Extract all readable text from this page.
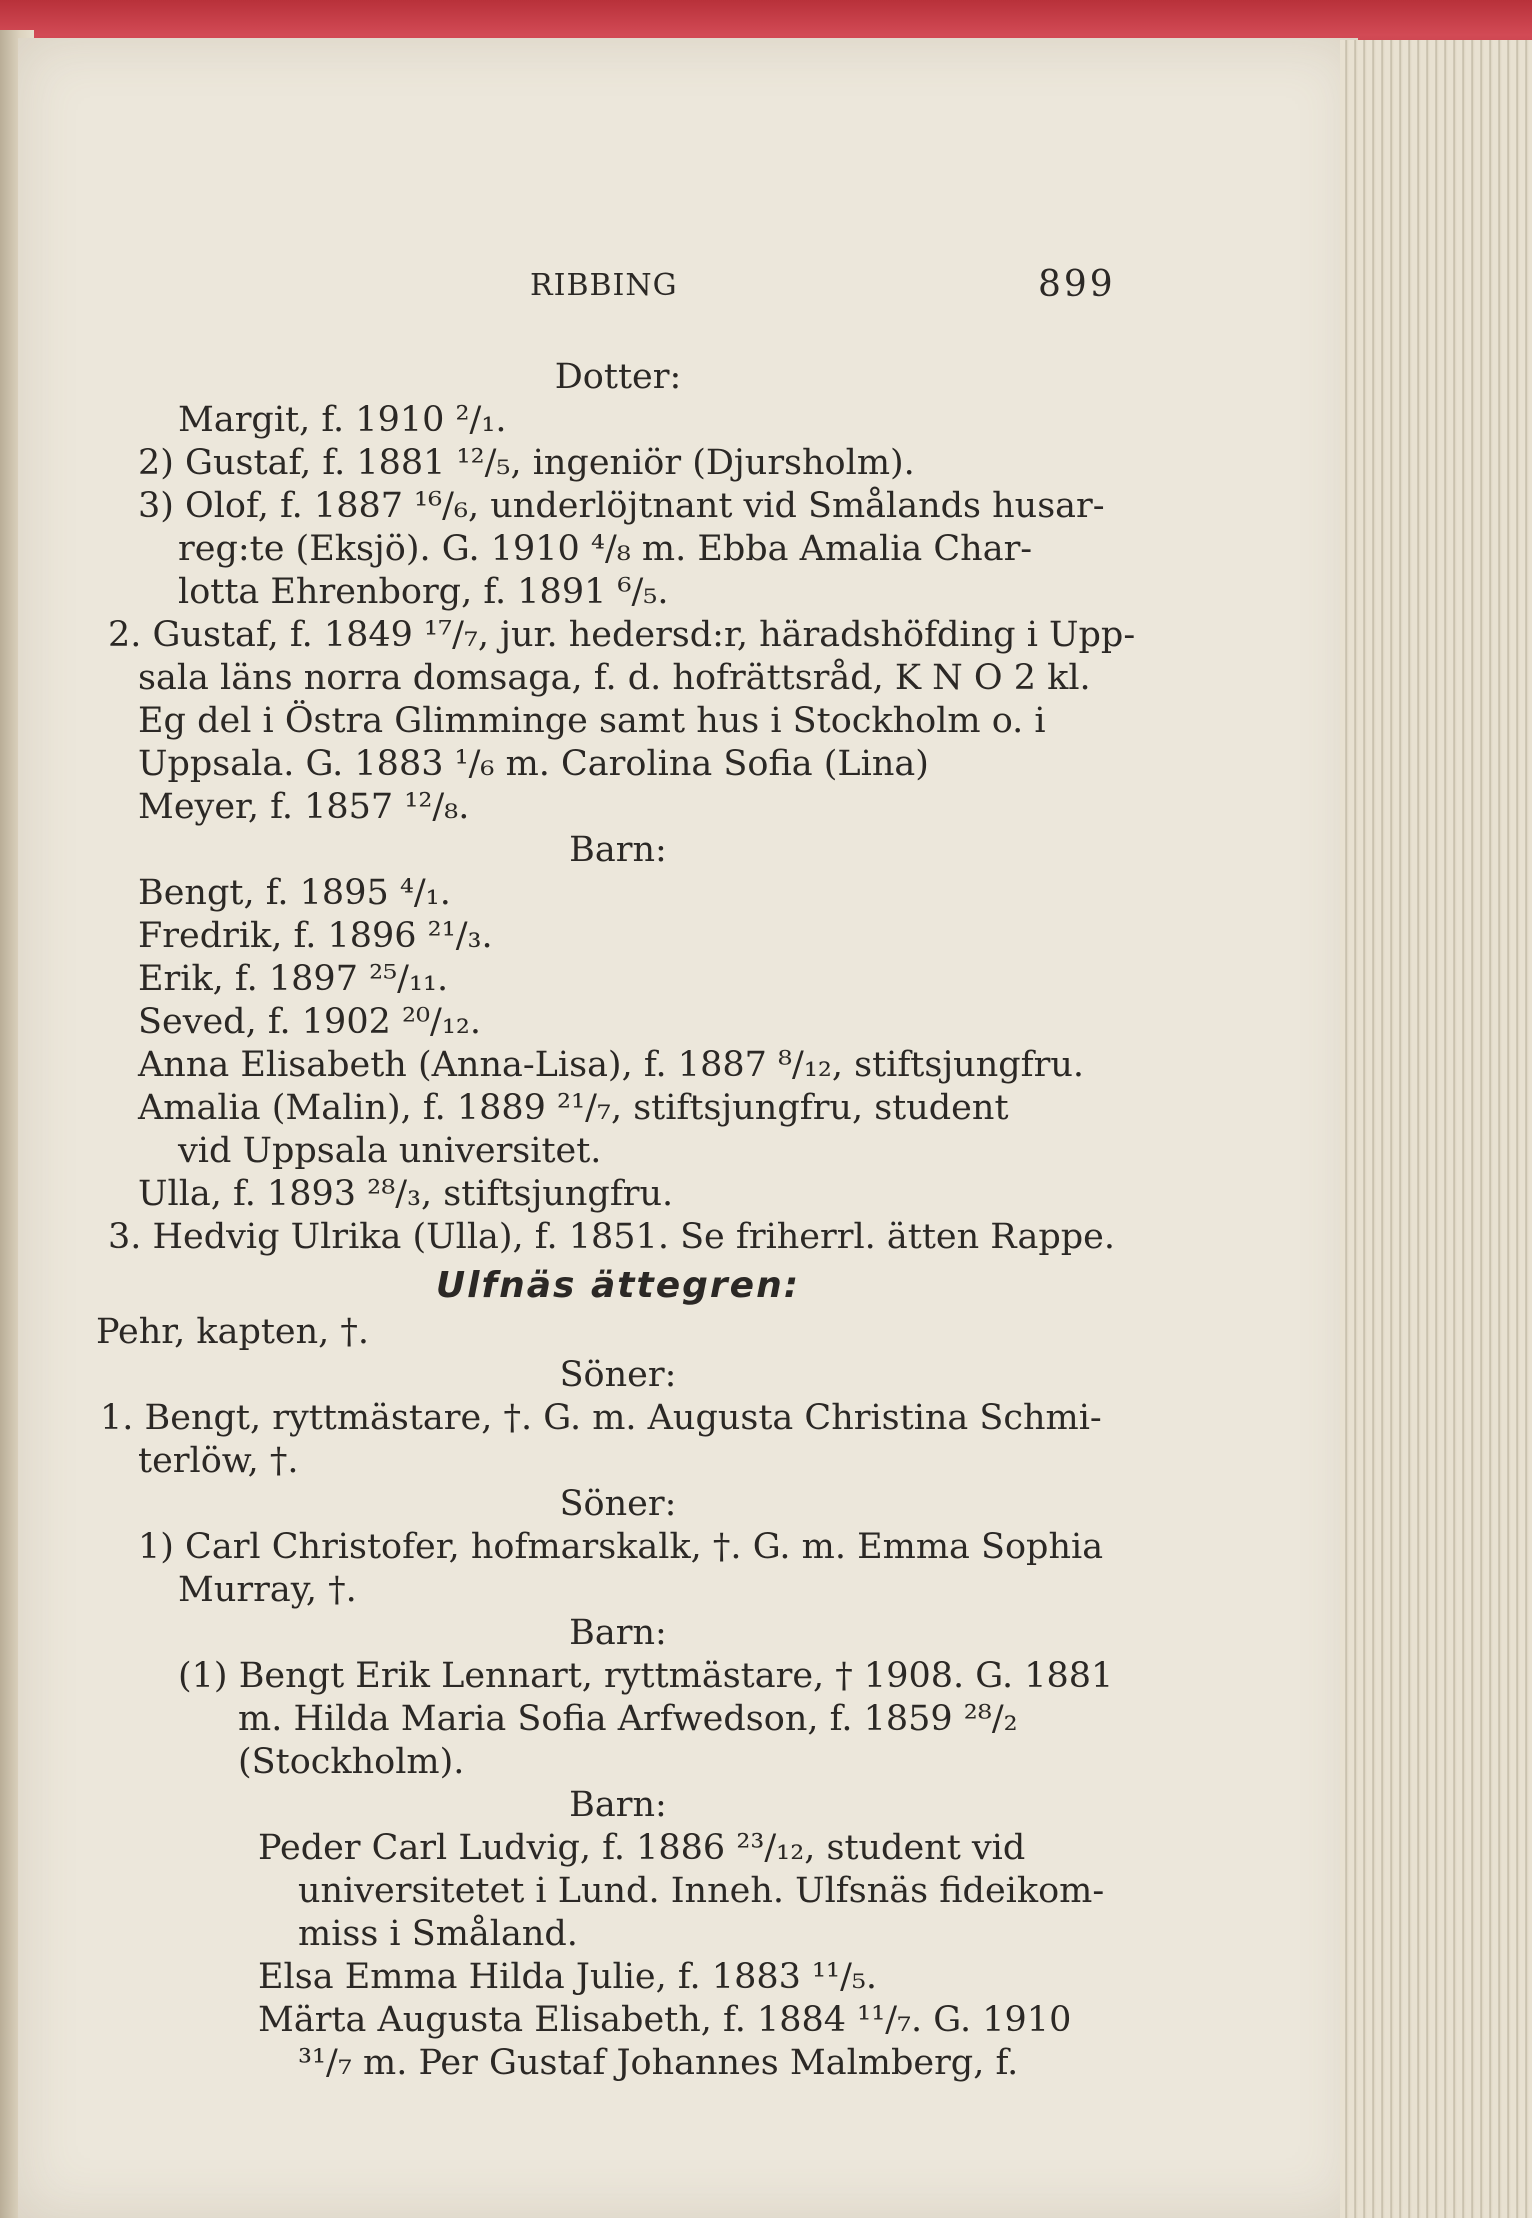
RIBBING	899
Dotter:
Margit, f. 1910 ²/₁.
2) Gustaf, f. 1881 ¹²/₅, ingeniör (Djursholm).
3) Olof, f. 1887 ¹⁶/₆, underlöjtnant vid Smålands husar-
reg:te (Eksjö). G. 1910 ⁴/₈ m. Ebba Amalia Char-
lotta Ehrenborg, f. 1891 ⁶/₅.
2. Gustaf, f. 1849 ¹⁷/₇, jur. hedersd:r, häradshöfding i Upp-
sala läns norra domsaga, f. d. hofrättsråd, K N O 2 kl.
Eg del i Östra Glimminge samt hus i Stockholm o. i
Uppsala. G. 1883 ¹/₆ m. Carolina Sofia (Lina)
Meyer, f. 1857 ¹²/₈.
Barn:
Bengt, f. 1895 ⁴/₁.
Fredrik, f. 1896 ²¹/₃.
Erik, f. 1897 ²⁵/₁₁.
Seved, f. 1902 ²⁰/₁₂.
Anna Elisabeth (Anna-Lisa), f. 1887 ⁸/₁₂, stiftsjungfru.
Amalia (Malin), f. 1889 ²¹/₇, stiftsjungfru, student
vid Uppsala universitet.
Ulla, f. 1893 ²⁸/₃, stiftsjungfru.
3. Hedvig Ulrika (Ulla), f. 1851. Se friherrl. ätten Rappe.
Ulfnäs ättegren:
Pehr, kapten, †.
Söner:
1. Bengt, ryttmästare, †. G. m. Augusta Christina Schmi-
terlöw, †.
Söner:
1) Carl Christofer, hofmarskalk, †. G. m. Emma Sophia
Murray, †.
Barn:
(1) Bengt Erik Lennart, ryttmästare, † 1908. G. 1881
m. Hilda Maria Sofia Arfwedson, f. 1859 ²⁸/₂
(Stockholm).
Barn:
Peder Carl Ludvig, f. 1886 ²³/₁₂, student vid
universitetet i Lund. Inneh. Ulfsnäs fideikom-
miss i Småland.
Elsa Emma Hilda Julie, f. 1883 ¹¹/₅.
Märta Augusta Elisabeth, f. 1884 ¹¹/₇. G. 1910
³¹/₇ m. Per Gustaf Johannes Malmberg, f.
